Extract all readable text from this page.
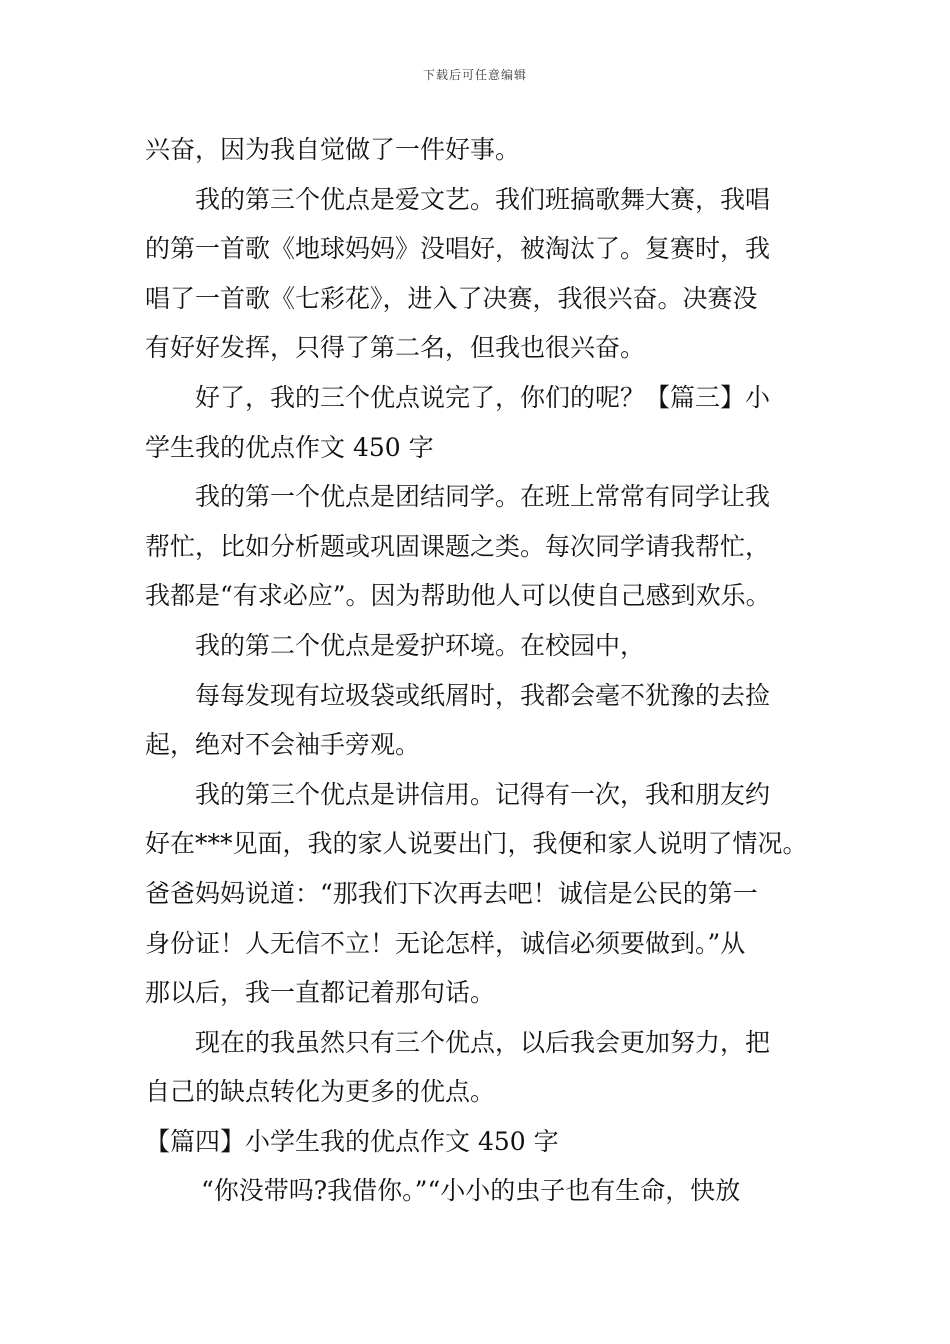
下载后可任意编辑
兴奋，因为我自觉做了一件好事。
我的第三个优点是爱文艺。我们班搞歌舞大赛，我唱
的第一首歌《地球妈妈》没唱好，被淘汰了。复赛时，我
唱了一首歌《七彩花》，进入了决赛，我很兴奋。决赛没
有好好发挥，只得了第二名，但我也很兴奋。
好了，我的三个优点说完了，你们的呢？【篇三】小
学生我的优点作文 450 字
我的第一个优点是团结同学。在班上常常有同学让我
帮忙，比如分析题或巩固课题之类。每次同学请我帮忙，
我都是“有求必应”。因为帮助他人可以使自己感到欢乐。
我的第二个优点是爱护环境。在校园中，
每每发现有垃圾袋或纸屑时，我都会毫不犹豫的去捡
起，绝对不会袖手旁观。
我的第三个优点是讲信用。记得有一次，我和朋友约
好在***见面，我的家人说要出门，我便和家人说明了情况。
爸爸妈妈说道：“那我们下次再去吧！诚信是公民的第一
身份证！人无信不立！无论怎样，诚信必须要做到。”从
那以后，我一直都记着那句话。
现在的我虽然只有三个优点，以后我会更加努力，把
自己的缺点转化为更多的优点。
【篇四】小学生我的优点作文 450 字
“你没带吗?我借你。”“小小的虫子也有生命，快放
